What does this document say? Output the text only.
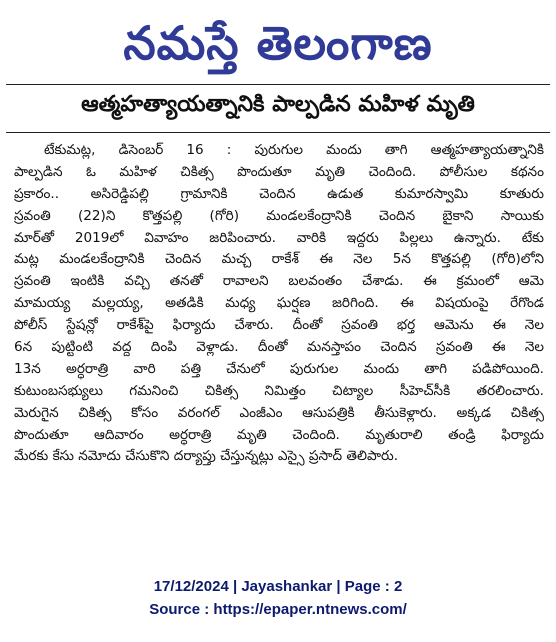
నమస్తే తెలంగాణ
ఆత్మహత్యాయత్నానికి పాల్పడిన మహిళ మృతి
టేకుమట్ల, డిసెంబర్ 16 : పురుగుల మందు తాగి ఆత్మహత్యాయత్నానికి
పాల్పడిన ఓ మహిళ చికిత్స పొందుతూ మృతి చెందింది. పోలీసుల కథనం
ప్రకారం.. అసిరెడ్డిపల్లి గ్రామానికి చెందిన ఉడుత కుమారస్వామి కూతురు
స్రవంతి (22)ని కొత్తపల్లి (గోరి) మండలకేంద్రానికి చెందిన బైకాని సాయికు
మార్‌తో 2019లో వివాహం జరిపించారు. వారికి ఇద్దరు పిల్లలు ఉన్నారు. టేకు
మట్ల మండలకేంద్రానికి చెందిన మచ్చ రాకేశ్ ఈ నెల 5న కొత్తపల్లి (గోరి)లోని
స్రవంతి ఇంటికి వచ్చి తనతో రావాలని బలవంతం చేశాడు. ఈ క్రమంలో ఆమె
మామయ్య మల్లయ్య, అతడికి మధ్య ఘర్షణ జరిగింది. ఈ విషయంపై రేగొండ
పోలీస్ స్టేషన్లో రాకేశ్‌పై ఫిర్యాదు చేశారు. దీంతో స్రవంతి భర్త ఆమెను ఈ నెల
6న పుట్టింటి వద్ద దింపి వెళ్లాడు. దీంతో మనస్తాపం చెందిన స్రవంతి ఈ నెల
13న అర్ధరాత్రి వారి పత్తి చేనులో పురుగుల మందు తాగి పడిపోయింది.
కుటుంబసభ్యులు గమనించి చికిత్స నిమిత్తం చిట్యాల సీహెచ్‌సీకి తరలించారు.
మెరుగైన చికిత్స కోసం వరంగల్ ఎంజీఎం ఆసుపత్రికి తీసుకెళ్లారు. అక్కడ చికిత్స
పొందుతూ ఆదివారం అర్ధరాత్రి మృతి చెందింది. మృతురాలి తండ్రి ఫిర్యాదు
మేరకు కేసు నమోదు చేసుకొని దర్యాప్తు చేస్తున్నట్లు ఎస్సై ప్రసాద్ తెలిపారు.
17/12/2024 | Jayashankar | Page : 2
Source : https://epaper.ntnews.com/
